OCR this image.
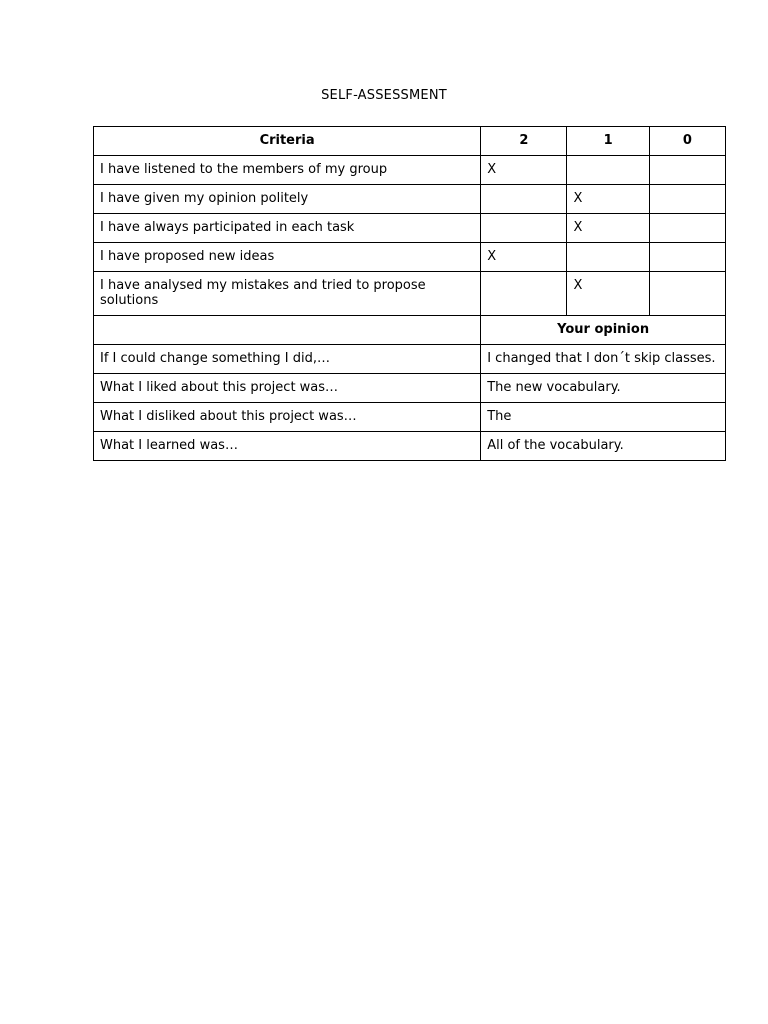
SELF-ASSESSMENT
Criteria	2	1	0
I have listened to the members of my group	X		
I have given my opinion politely		X	
I have always participated in each task		X	
I have proposed new ideas	X		
I have analysed my mistakes and tried to propose solutions		X	
	Your opinion		
If I could change something I did,…	I changed that I don´t skip classes.		
What I liked about this project was…	The new vocabulary.		
What I disliked about this project was…	The		
What I learned was…	All of the vocabulary.		
